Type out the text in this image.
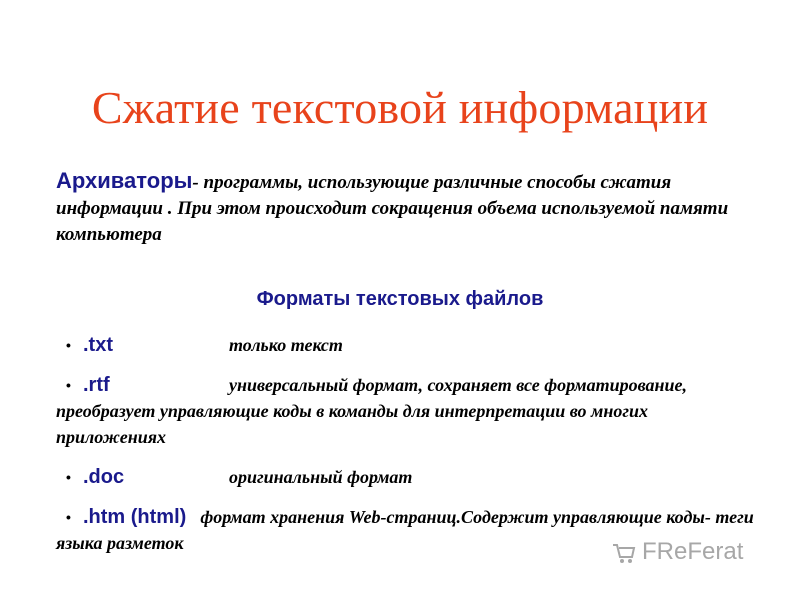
Сжатие текстовой информации
Архиваторы- программы, использующие различные способы сжатия информации . При этом происходит сокращения объема используемой памяти компьютера
Форматы текстовых файлов
• .txt	только текст
• .rtf	универсальный формат, сохраняет все форматирование, преобразует управляющие коды в команды для интерпретации во многих приложениях
• .doc	оригинальный формат
• .htm (html) формат хранения Web-страниц.Содержит управляющие коды- теги языка разметок	FReFerat
